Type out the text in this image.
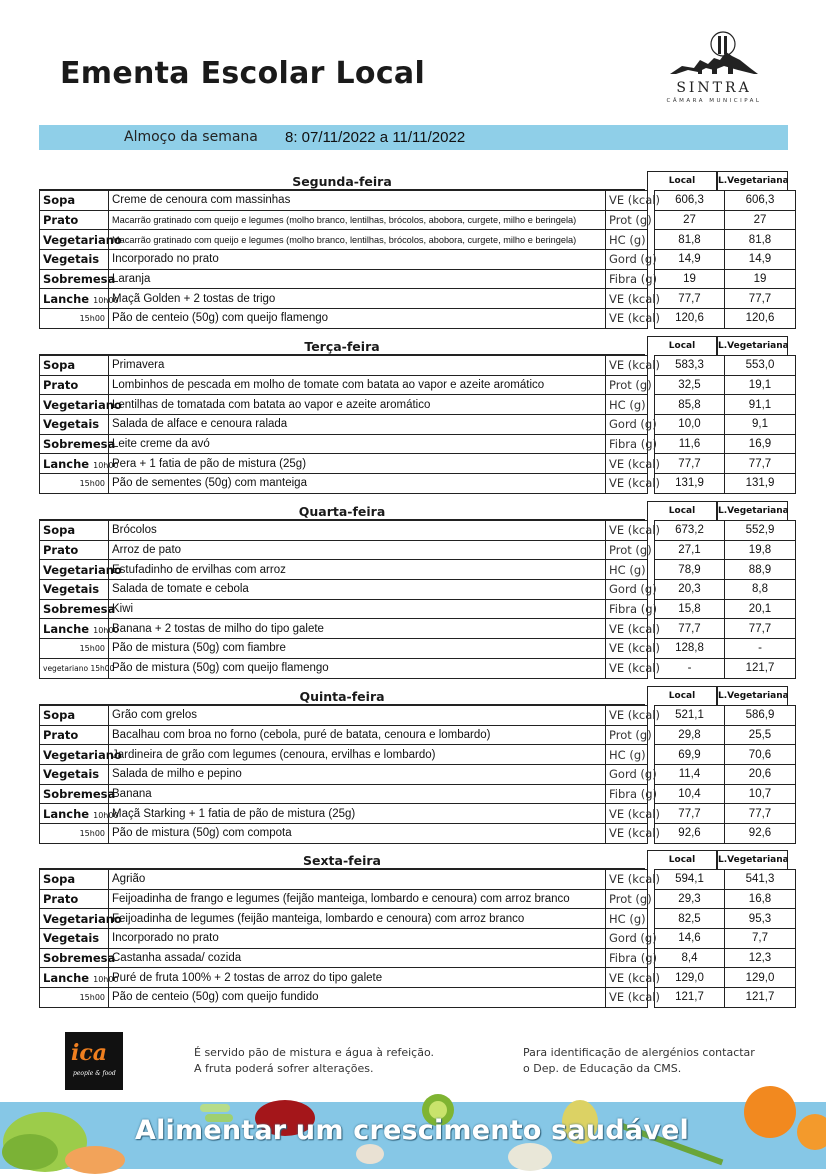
Ementa Escolar Local	SINTRA
CÂMARA MUNICIPAL
Almoço da semana 8: 07/11/2022 a 11/11/2022
Segunda-feira	Local	L.Vegetariana
Sopa	Creme de cenoura com massinhas	VE (kcal)		606,3	606,3
Prato	Macarrão gratinado com queijo e legumes (molho branco, lentilhas, brócolos, abobora, curgete, milho e beringela)	Prot (g)		27	27
Vegetariano	Macarrão gratinado com queijo e legumes (molho branco, lentilhas, brócolos, abobora, curgete, milho e beringela)	HC (g)		81,8	81,8
Vegetais	Incorporado no prato	Gord (g)		14,9	14,9
Sobremesa	Laranja	Fibra (g)		19	19
Lanche 10h00	Maçã Golden + 2 tostas de trigo	VE (kcal)		77,7	77,7
15h00	Pão de centeio (50g) com queijo flamengo	VE (kcal)		120,6	120,6
Terça-feira	Local	L.Vegetariana
Sopa	Primavera	VE (kcal)		583,3	553,0
Prato	Lombinhos de pescada em molho de tomate com batata ao vapor e azeite aromático	Prot (g)		32,5	19,1
Vegetariano	Lentilhas de tomatada com batata ao vapor e azeite aromático	HC (g)		85,8	91,1
Vegetais	Salada de alface e cenoura ralada	Gord (g)		10,0	9,1
Sobremesa	Leite creme da avó	Fibra (g)		11,6	16,9
Lanche 10h00	Pera + 1 fatia de pão de mistura (25g)	VE (kcal)		77,7	77,7
15h00	Pão de sementes (50g) com manteiga	VE (kcal)		131,9	131,9
Quarta-feira	Local	L.Vegetariana
Sopa	Brócolos	VE (kcal)		673,2	552,9
Prato	Arroz de pato	Prot (g)		27,1	19,8
Vegetariano	Estufadinho de ervilhas com arroz	HC (g)		78,9	88,9
Vegetais	Salada de tomate e cebola	Gord (g)		20,3	8,8
Sobremesa	Kiwi	Fibra (g)		15,8	20,1
Lanche 10h00	Banana + 2 tostas de milho do tipo galete	VE (kcal)		77,7	77,7
15h00	Pão de mistura (50g) com fiambre	VE (kcal)		128,8	-
vegetariano 15h00	Pão de mistura (50g) com queijo flamengo	VE (kcal)		-	121,7
Quinta-feira	Local	L.Vegetariana
Sopa	Grão com grelos	VE (kcal)		521,1	586,9
Prato	Bacalhau com broa no forno (cebola, puré de batata, cenoura e lombardo)	Prot (g)		29,8	25,5
Vegetariano	Jardineira de grão com legumes (cenoura, ervilhas e lombardo)	HC (g)		69,9	70,6
Vegetais	Salada de milho e pepino	Gord (g)		11,4	20,6
Sobremesa	Banana	Fibra (g)		10,4	10,7
Lanche 10h00	Maçã Starking + 1 fatia de pão de mistura (25g)	VE (kcal)		77,7	77,7
15h00	Pão de mistura (50g) com compota	VE (kcal)		92,6	92,6
Sexta-feira	Local	L.Vegetariana
Sopa	Agrião	VE (kcal)		594,1	541,3
Prato	Feijoadinha de frango e legumes (feijão manteiga, lombardo e cenoura) com arroz branco	Prot (g)		29,3	16,8
Vegetariano	Feijoadinha de legumes (feijão manteiga, lombardo e cenoura) com arroz branco	HC (g)		82,5	95,3
Vegetais	Incorporado no prato	Gord (g)		14,6	7,7
Sobremesa	Castanha assada/ cozida	Fibra (g)		8,4	12,3
Lanche 10h00	Puré de fruta 100% + 2 tostas de arroz do tipo galete	VE (kcal)		129,0	129,0
15h00	Pão de centeio (50g) com queijo fundido	VE (kcal)		121,7	121,7
ica
people & food
É servido pão de mistura e água à refeição.
A fruta poderá sofrer alterações.
Para identificação de alergénios contactar
o Dep. de Educação da CMS.
Alimentar um crescimento saudável
